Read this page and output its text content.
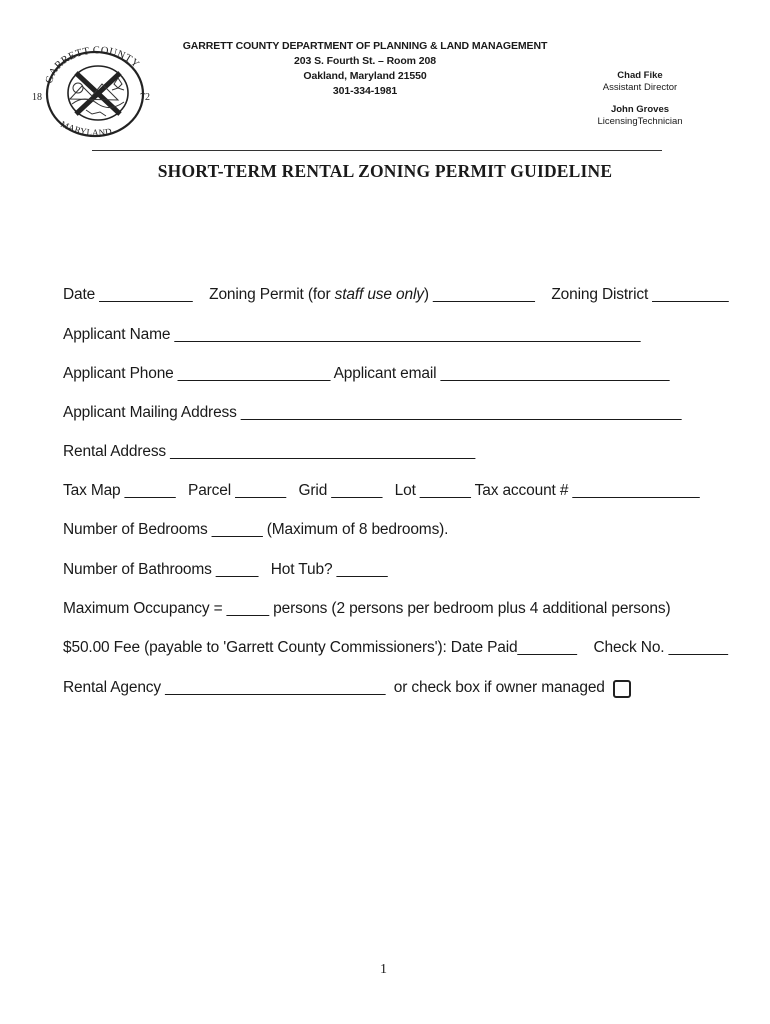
GARRETT COUNTY
MARYLAND
18	72
GARRETT COUNTY DEPARTMENT OF PLANNING & LAND MANAGEMENT
203 S. Fourth St. – Room 208
Oakland, Maryland 21550
301-334-1981
Chad Fike
Assistant Director
John Groves
LicensingTechnician
SHORT-TERM RENTAL ZONING PERMIT GUIDELINE
Date ___________ Zoning Permit (for staff use only) ____________ Zoning District _________
Applicant Name _______________________________________________________
Applicant Phone __________________ Applicant email ___________________________
Applicant Mailing Address ____________________________________________________
Rental Address ____________________________________
Tax Map ______ Parcel ______ Grid ______ Lot ______ Tax account # _______________
Number of Bedrooms ______ (Maximum of 8 bedrooms).
Number of Bathrooms _____ Hot Tub? ______
Maximum Occupancy = _____ persons (2 persons per bedroom plus 4 additional persons)
$50.00 Fee (payable to 'Garrett County Commissioners'): Date Paid_______ Check No. _______
Rental Agency __________________________ or check box if owner managed
1
